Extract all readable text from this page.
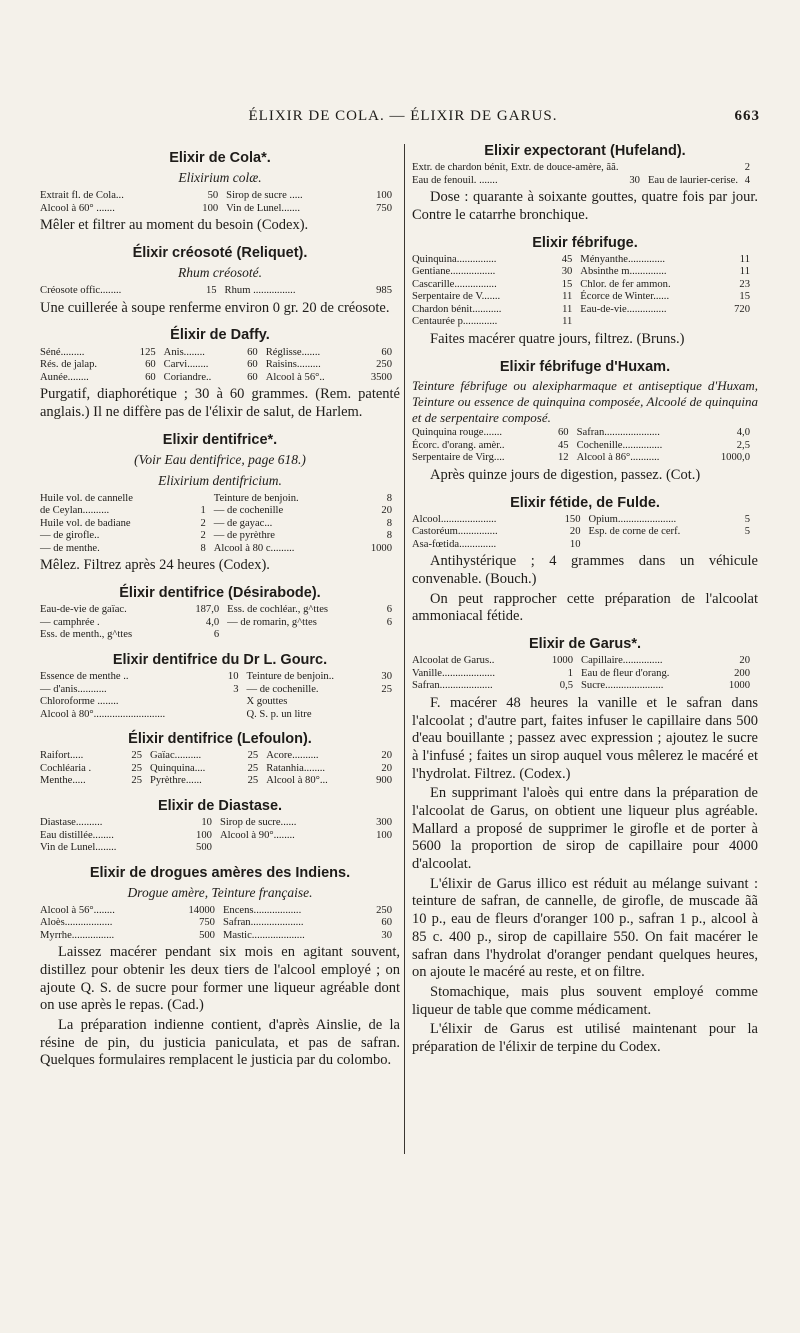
ÉLIXIR DE COLA. — ÉLIXIR DE GARUS.	663
Elixir de Cola*.
Elixirium colæ.
Extrait fl. de Cola...	50	Sirop de sucre .....	100
Alcool à 60° .......	100	Vin de Lunel.......	750

Mêler et filtrer au moment du besoin (Codex).

Élixir créosoté (Reliquet).
Rhum créosoté.
Créosote offic........	15	Rhum ................	985

Une cuillerée à soupe renferme environ 0 gr. 20 de créosote.

Élixir de Daffy.
Séné.........	125	Anis........	60	Réglisse.......	60
Rés. de jalap.	60	Carvi........	60	Raisins.........	250
Aunée........	60	Coriandre..	60	Alcool à 56°..	3500

Purgatif, diaphorétique ; 30 à 60 grammes. (Rem. patenté anglais.) Il ne diffère pas de l'élixir de salut, de Harlem.

Elixir dentifrice*.
(Voir Eau dentifrice, page 618.)
Elixirium dentifricium.
Huile vol. de cannelle		Teinture de benjoin.	8
de Ceylan..........	1	— de cochenille	20
Huile vol. de badiane	2	— de gayac...	8
— de girofle..	2	— de pyrèthre	8
— de menthe.	8	Alcool à 80 c.........	1000

Mêlez. Filtrez après 24 heures (Codex).

Élixir dentifrice (Désirabode).
Eau-de-vie de gaïac.	187,0	Ess. de cochléar., g^ttes	6
— camphrée .	4,0	— de romarin, g^ttes	6
Ess. de menth., g^ttes	6		
Elixir dentifrice du Dr L. Gourc.
Essence de menthe ..	10	Teinture de benjoin..	30
— d'anis...........	3	— de cochenille.	25
Chloroforme ........		X gouttes	
Alcool à 80°...........................		Q. S. p. un litre	
Élixir dentifrice (Lefoulon).
Raifort.....	25	Gaïac..........	25	Acore..........	20
Cochléaria .	25	Quinquina....	25	Ratanhia........	20
Menthe.....	25	Pyrèthre......	25	Alcool à 80°...	900
Elixir de Diastase.
Diastase..........	10	Sirop de sucre......	300
Eau distillée........	100	Alcool à 90°........	100
Vin de Lunel........	500		
Elixir de drogues amères des Indiens.
Drogue amère, Teinture française.
Alcool à 56°........	14000	Encens..................	250
Aloès..................	750	Safran....................	60
Myrrhe................	500	Mastic....................	30

Laissez macérer pendant six mois en agitant souvent, distillez pour obtenir les deux tiers de l'alcool employé ; on ajoute Q. S. de sucre pour former une liqueur agréable dont on use après le repas. (Cad.)

La préparation indienne contient, d'après Ainslie, de la résine de pin, du justicia paniculata, et pas de safran. Quelques formulaires remplacent le justicia par du colombo.

Elixir expectorant (Hufeland).
Extr. de chardon bénit, Extr. de douce-amère, ãã.			2
Eau de fenouil. .......	30	Eau de laurier-cerise.	4

Dose : quarante à soixante gouttes, quatre fois par jour. Contre le catarrhe bronchique.

Elixir fébrifuge.
Quinquina...............	45	Ményanthe..............	11
Gentiane.................	30	Absinthe m..............	11
Cascarille................	15	Chlor. de fer ammon.	23
Serpentaire de V.......	11	Écorce de Winter......	15
Chardon bénit...........	11	Eau-de-vie...............	720
Centaurée p.............	11		

Faites macérer quatre jours, filtrez. (Bruns.)

Elixir fébrifuge d'Huxam.

Teinture fébrifuge ou alexipharmaque et antiseptique d'Huxam, Teinture ou essence de quinquina composée, Alcoolé de quinquina et de serpentaire composé.

Quinquina rouge.......	60	Safran.....................	4,0
Écorc. d'orang. amèr..	45	Cochenille...............	2,5
Serpentaire de Virg....	12	Alcool à 86°...........	1000,0

Après quinze jours de digestion, passez. (Cot.)

Elixir fétide, de Fulde.
Alcool.....................	150	Opium......................	5
Castoréum...............	20	Esp. de corne de cerf.	5
Asa-fœtida..............	10		

Antihystérique ; 4 grammes dans un véhicule convenable. (Bouch.)

On peut rapprocher cette préparation de l'alcoolat ammoniacal fétide.

Elixir de Garus*.
Alcoolat de Garus..	1000	Capillaire...............	20
Vanille....................	1	Eau de fleur d'orang.	200
Safran....................	0,5	Sucre......................	1000

F. macérer 48 heures la vanille et le safran dans l'alcoolat ; d'autre part, faites infuser le capillaire dans 500 d'eau bouillante ; passez avec expression ; ajoutez le sucre à l'infusé ; faites un sirop auquel vous mêlerez le macéré et l'hydrolat. Filtrez. (Codex.)

En supprimant l'aloès qui entre dans la préparation de l'alcoolat de Garus, on obtient une liqueur plus agréable. Mallard a proposé de supprimer le girofle et de porter à 5600 la proportion de sirop de capillaire pour 4000 d'alcoolat.

L'élixir de Garus illico est réduit au mélange suivant : teinture de safran, de cannelle, de girofle, de muscade ãã 10 p., eau de fleurs d'oranger 100 p., safran 1 p., alcool à 85 c. 400 p., sirop de capillaire 550. On fait macérer le safran dans l'hydrolat d'oranger pendant quelques heures, on ajoute le macéré au reste, et on filtre.

Stomachique, mais plus souvent employé comme liqueur de table que comme médicament.

L'élixir de Garus est utilisé maintenant pour la préparation de l'élixir de terpine du Codex.
